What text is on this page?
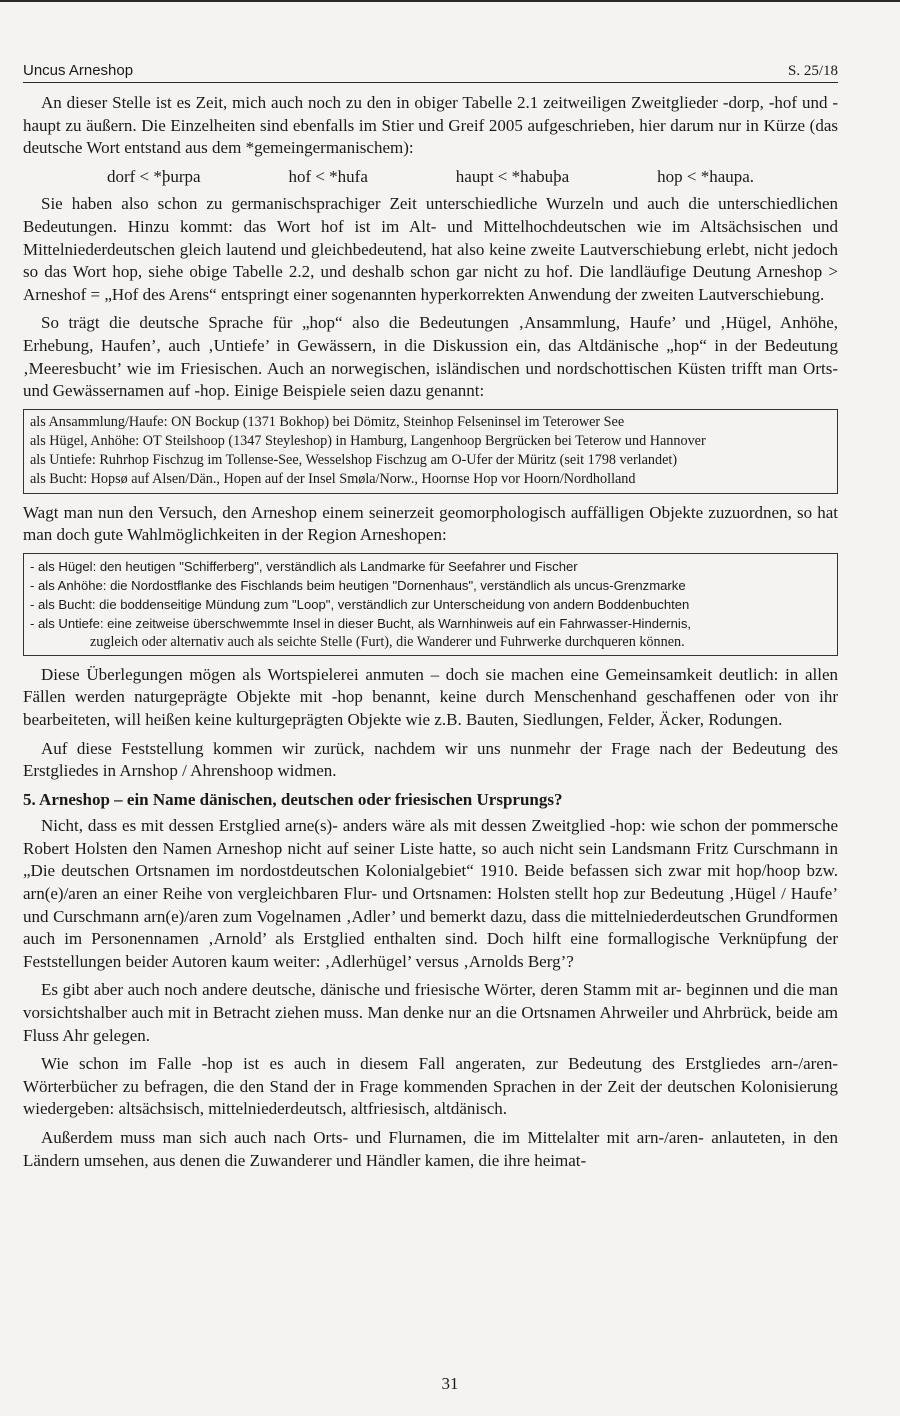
Uncus Arneshop	S. 25/18

An dieser Stelle ist es Zeit, mich auch noch zu den in obiger Tabelle 2.1 zeitweiligen Zweitglieder -dorp, -hof und -haupt zu äußern. Die Einzelheiten sind ebenfalls im Stier und Greif 2005 aufgeschrieben, hier darum nur in Kürze (das deutsche Wort entstand aus dem *gemeingermanischem):

dorf < *þurpa	hof < *hufa	haupt < *habuþa	hop < *haupa.

Sie haben also schon zu germanischsprachiger Zeit unterschiedliche Wurzeln und auch die unterschiedlichen Bedeutungen. Hinzu kommt: das Wort hof ist im Alt- und Mittelhochdeutschen wie im Altsächsischen und Mittelniederdeutschen gleich lautend und gleichbedeutend, hat also keine zweite Lautverschiebung erlebt, nicht jedoch so das Wort hop, siehe obige Tabelle 2.2, und deshalb schon gar nicht zu hof. Die landläufige Deutung Arneshop > Arneshof = „Hof des Arens“ entspringt einer sogenannten hyperkorrekten Anwendung der zweiten Lautverschiebung.

So trägt die deutsche Sprache für „hop“ also die Bedeutungen ‚Ansammlung, Haufe’ und ‚Hügel, Anhöhe, Erhebung, Haufen’, auch ‚Untiefe’ in Gewässern, in die Diskussion ein, das Altdänische „hop“ in der Bedeutung ‚Meeresbucht’ wie im Friesischen. Auch an norwegischen, isländischen und nordschottischen Küsten trifft man Orts- und Gewässernamen auf -hop. Einige Beispiele seien dazu genannt:

als Ansammlung/Haufe: ON Bockup (1371 Bokhop) bei Dömitz, Steinhop Felseninsel im Teterower See
als Hügel, Anhöhe: OT Steilshoop (1347 Steyleshop) in Hamburg, Langenhoop Bergrücken bei Teterow und Hannover
als Untiefe: Ruhrhop Fischzug im Tollense-See, Wesselshop Fischzug am O-Ufer der Müritz (seit 1798 verlandet)
als Bucht: Hopsø auf Alsen/Dän., Hopen auf der Insel Smøla/Norw., Hoornse Hop vor Hoorn/Nordholland

Wagt man nun den Versuch, den Arneshop einem seinerzeit geomorphologisch auffälligen Objekte zuzuordnen, so hat man doch gute Wahlmöglichkeiten in der Region Arneshopen:

- als Hügel: den heutigen "Schifferberg", verständlich als Landmarke für Seefahrer und Fischer
- als Anhöhe: die Nordostflanke des Fischlands beim heutigen "Dornenhaus", verständlich als uncus-Grenzmarke
- als Bucht: die boddenseitige Mündung zum "Loop", verständlich zur Unterscheidung von andern Boddenbuchten
- als Untiefe: eine zeitweise überschwemmte Insel in dieser Bucht, als Warnhinweis auf ein Fahrwasser-Hindernis,
zugleich oder alternativ auch als seichte Stelle (Furt), die Wanderer und Fuhrwerke durchqueren können.

Diese Überlegungen mögen als Wortspielerei anmuten – doch sie machen eine Gemeinsamkeit deutlich: in allen Fällen werden naturgeprägte Objekte mit -hop benannt, keine durch Menschenhand geschaffenen oder von ihr bearbeiteten, will heißen keine kulturgeprägten Objekte wie z.B. Bauten, Siedlungen, Felder, Äcker, Rodungen.

Auf diese Feststellung kommen wir zurück, nachdem wir uns nunmehr der Frage nach der Bedeutung des Erstgliedes in Arnshop / Ahrenshoop widmen.

5. Arneshop – ein Name dänischen, deutschen oder friesischen Ursprungs?

Nicht, dass es mit dessen Erstglied arne(s)- anders wäre als mit dessen Zweitglied -hop: wie schon der pommersche Robert Holsten den Namen Arneshop nicht auf seiner Liste hatte, so auch nicht sein Landsmann Fritz Curschmann in „Die deutschen Ortsnamen im nordostdeutschen Kolonialgebiet“ 1910. Beide befassen sich zwar mit hop/hoop bzw. arn(e)/aren an einer Reihe von vergleichbaren Flur- und Ortsnamen: Holsten stellt hop zur Bedeutung ‚Hügel / Haufe’ und Curschmann arn(e)/aren zum Vogelnamen ‚Adler’ und bemerkt dazu, dass die mittelniederdeutschen Grundformen auch im Personennamen ‚Arnold’ als Erstglied enthalten sind. Doch hilft eine formallogische Verknüpfung der Feststellungen beider Autoren kaum weiter: ‚Adlerhügel’ versus ‚Arnolds Berg’?

Es gibt aber auch noch andere deutsche, dänische und friesische Wörter, deren Stamm mit ar- beginnen und die man vorsichtshalber auch mit in Betracht ziehen muss. Man denke nur an die Ortsnamen Ahrweiler und Ahrbrück, beide am Fluss Ahr gelegen.

Wie schon im Falle -hop ist es auch in diesem Fall angeraten, zur Bedeutung des Erstgliedes arn-/aren- Wörterbücher zu befragen, die den Stand der in Frage kommenden Sprachen in der Zeit der deutschen Kolonisierung wiedergeben: altsächsisch, mittelniederdeutsch, altfriesisch, altdänisch.

Außerdem muss man sich auch nach Orts- und Flurnamen, die im Mittelalter mit arn-/aren- anlauteten, in den Ländern umsehen, aus denen die Zuwanderer und Händler kamen, die ihre heimat-

31
